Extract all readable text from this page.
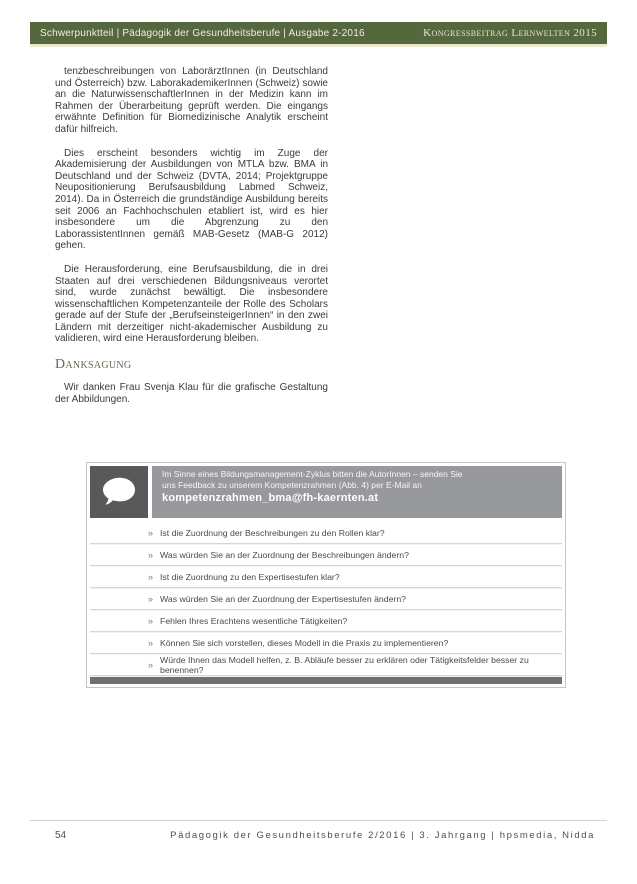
Schwerpunktteil | Pädagogik der Gesundheitsberufe | Ausgabe 2-2016	Kongressbeitrag Lernwelten 2015

tenzbeschreibungen von LaborärztInnen (in Deutschland und Österreich) bzw. LaborakademikerInnen (Schweiz) sowie an die NaturwissenschaftlerInnen in der Medizin kann im Rahmen der Überarbeitung geprüft werden. Die eingangs erwähnte Definition für Biomedizinische Analytik erscheint dafür hilfreich.

Dies erscheint besonders wichtig im Zuge der Akademisierung der Ausbildungen von MTLA bzw. BMA in Deutschland und der Schweiz (DVTA, 2014; Projektgruppe Neupositionierung Berufsausbildung Labmed Schweiz, 2014). Da in Österreich die grundständige Ausbildung bereits seit 2006 an Fachhochschulen etabliert ist, wird es hier insbesondere um die Abgrenzung zu den LaborassistentInnen gemäß MAB-Gesetz (MAB-G 2012) gehen.

Die Herausforderung, eine Berufsausbildung, die in drei Staaten auf drei verschiedenen Bildungsniveaus verortet sind, wurde zunächst bewältigt. Die insbesondere wissenschaftlichen Kompetenzanteile der Rolle des Scholars gerade auf der Stufe der „BerufseinsteigerInnen“ in den zwei Ländern mit derzeitiger nicht-akademischer Ausbildung zu validieren, wird eine Herausforderung bleiben.

Danksagung

Wir danken Frau Svenja Klau für die grafische Gestaltung der Abbildungen.

Im Sinne eines Bildungsmanagement-Zyklus bitten die AutorInnen – senden Sie
uns Feedback zu unserem Kompetenzrahmen (Abb. 4) per E-Mail an
kompetenzrahmen_bma@fh-kaernten.at
» Ist die Zuordnung der Beschreibungen zu den Rollen klar?
» Was würden Sie an der Zuordnung der Beschreibungen ändern?
» Ist die Zuordnung zu den Expertisestufen klar?
» Was würden Sie an der Zuordnung der Expertisestufen ändern?
» Fehlen Ihres Erachtens wesentliche Tätigkeiten?
» Können Sie sich vorstellen, dieses Modell in die Praxis zu implementieren?
» Würde Ihnen das Modell helfen, z. B. Abläufe besser zu erklären oder Tätigkeitsfelder besser zu benennen?
54	Pädagogik der Gesundheitsberufe 2/2016 | 3. Jahrgang | hpsmedia, Nidda
